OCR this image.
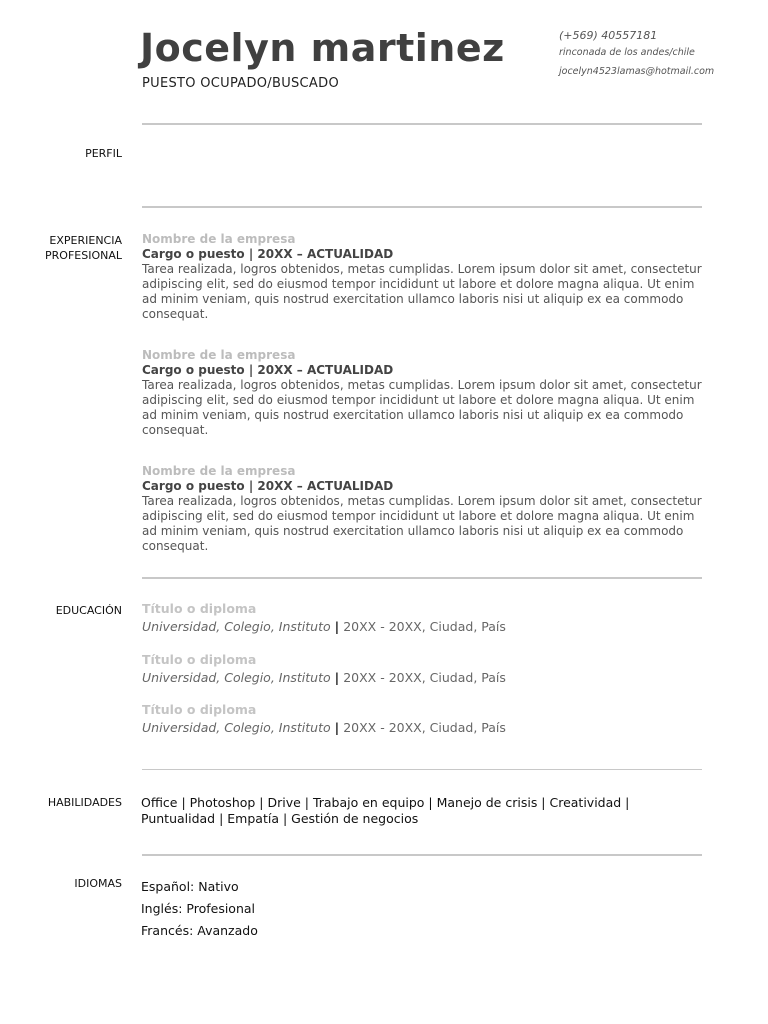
Jocelyn martinez
PUESTO OCUPADO/BUSCADO
(+569) 40557181
rinconada de los andes/chile
jocelyn4523lamas@hotmail.com
PERFIL
EXPERIENCIA
PROFESIONAL
Nombre de la empresa
Cargo o puesto | 20XX – ACTUALIDAD
Tarea realizada, logros obtenidos, metas cumplidas. Lorem ipsum dolor sit amet, consectetur adipiscing elit, sed do eiusmod tempor incididunt ut labore et dolore magna aliqua. Ut enim ad minim veniam, quis nostrud exercitation ullamco laboris nisi ut aliquip ex ea commodo consequat.
Nombre de la empresa
Cargo o puesto | 20XX – ACTUALIDAD
Tarea realizada, logros obtenidos, metas cumplidas. Lorem ipsum dolor sit amet, consectetur adipiscing elit, sed do eiusmod tempor incididunt ut labore et dolore magna aliqua. Ut enim ad minim veniam, quis nostrud exercitation ullamco laboris nisi ut aliquip ex ea commodo consequat.
Nombre de la empresa
Cargo o puesto | 20XX – ACTUALIDAD
Tarea realizada, logros obtenidos, metas cumplidas. Lorem ipsum dolor sit amet, consectetur adipiscing elit, sed do eiusmod tempor incididunt ut labore et dolore magna aliqua. Ut enim ad minim veniam, quis nostrud exercitation ullamco laboris nisi ut aliquip ex ea commodo consequat.
EDUCACIÓN Título o diploma
Universidad, Colegio, Instituto | 20XX - 20XX, Ciudad, País
Título o diploma
Universidad, Colegio, Instituto | 20XX - 20XX, Ciudad, País
Título o diploma
Universidad, Colegio, Instituto | 20XX - 20XX, Ciudad, País
HABILIDADES Office | Photoshop | Drive | Trabajo en equipo | Manejo de crisis | Creatividad | Puntualidad | Empatía | Gestión de negocios
IDIOMAS Español: Nativo
Inglés: Profesional
Francés: Avanzado
